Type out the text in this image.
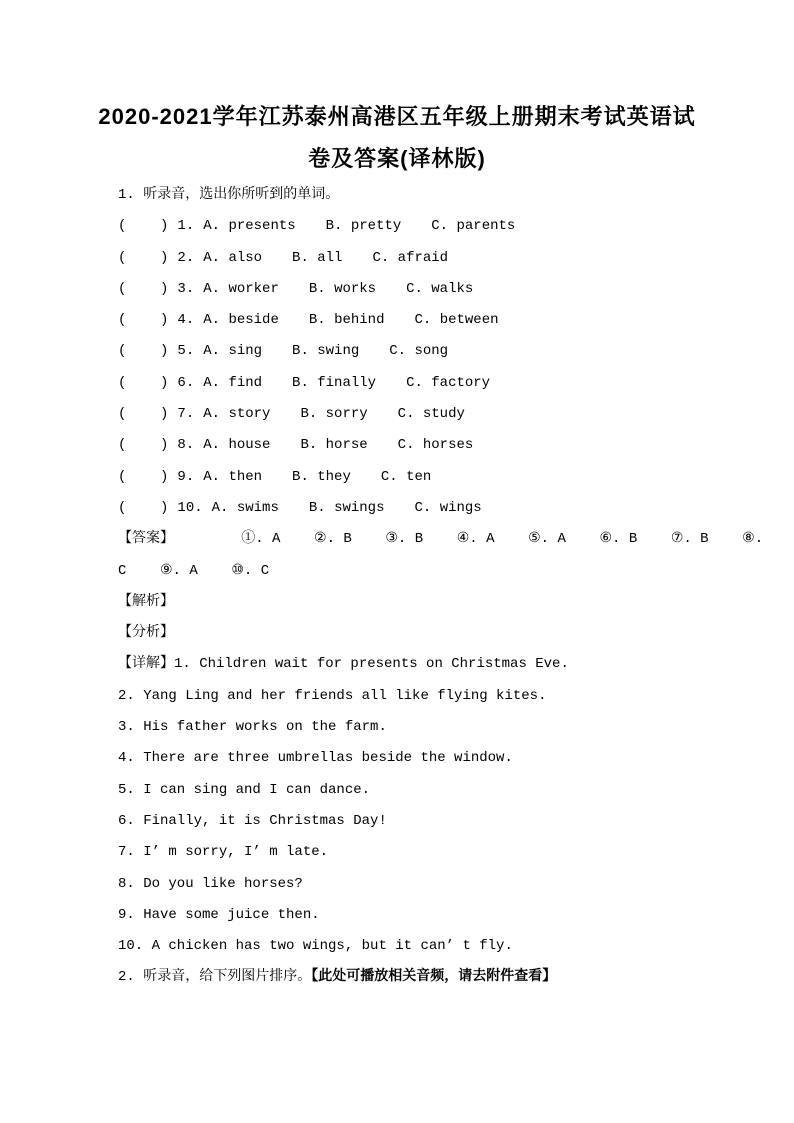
2020-2021学年江苏泰州高港区五年级上册期末考试英语试
卷及答案(译林版)
1. 听录音，选出你所听到的单词。
(    ) 1. A. presents B. pretty C. parents
(    ) 2. A. also B. all C. afraid
(    ) 3. A. worker B. works C. walks
(    ) 4. A. beside B. behind C. between
(    ) 5. A. sing B. swing C. song
(    ) 6. A. find B. finally C. factory
(    ) 7. A. story B. sorry C. study
(    ) 8. A. house B. horse C. horses
(    ) 9. A. then B. they C. ten
(    ) 10. A. swims B. swings C. wings
【答案】        ①. A    ②. B    ③. B    ④. A    ⑤. A    ⑥. B    ⑦. B    ⑧.
C    ⑨. A    ⑩. C
【解析】
【分析】
【详解】1. Children wait for presents on Christmas Eve.
2. Yang Ling and her friends all like flying kites.
3. His father works on the farm.
4. There are three umbrellas beside the window.
5. I can sing and I can dance.
6. Finally, it is Christmas Day!
7. I’ m sorry, I’ m late.
8. Do you like horses?
9. Have some juice then.
10. A chicken has two wings, but it can’ t fly.
2. 听录音，给下列图片排序。【此处可播放相关音频，请去附件查看】
